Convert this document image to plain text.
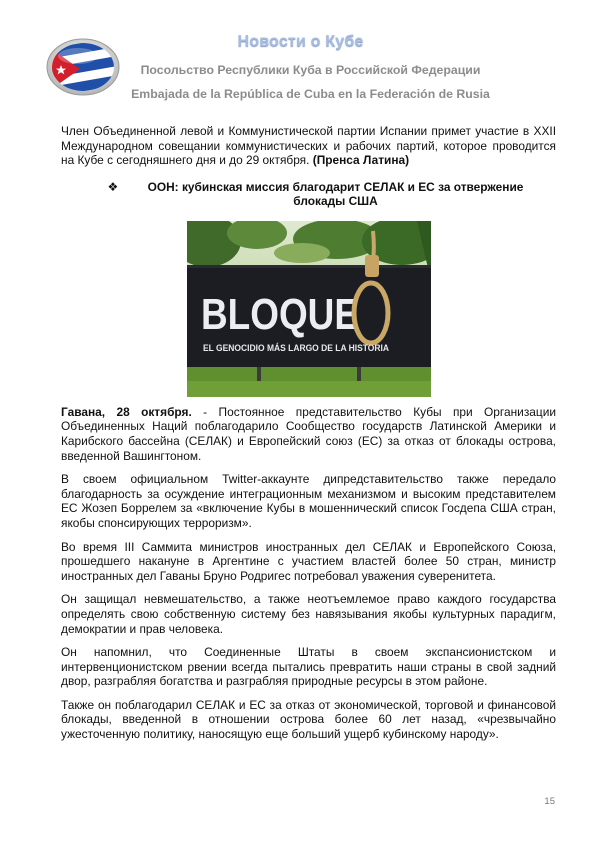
Новости о Кубе
Посольство Республики Куба в Российской Федерации
Embajada de la República de Cuba en la Federación de Rusia

Член Объединенной левой и Коммунистической партии Испании примет участие в XXII Международном совещании коммунистических и рабочих партий, которое проводится на Кубе с сегодняшнего дня и до 29 октября. (Пренса Латина)

❖	ООН: кубинская миссия благодарит СЕЛАК и ЕС за отвержение блокады США
BLOQUE
EL GENOCIDIO MÁS LARGO DE LA HISTORIA

Гавана, 28 октября. - Постоянное представительство Кубы при Организации Объединенных Наций поблагодарило Сообщество государств Латинской Америки и Карибского бассейна (СЕЛАК) и Европейский союз (ЕС) за отказ от блокады острова, введенной Вашингтоном.

В своем официальном Twitter-аккаунте дипредставительство также передало благодарность за осуждение интеграционным механизмом и высоким представителем ЕС Жозеп Боррелем за «включение Кубы в мошеннический список Госдепа США стран, якобы спонсирующих терроризм».

Во время III Саммита министров иностранных дел СЕЛАК и Европейского Союза, прошедшего накануне в Аргентине с участием властей более 50 стран, министр иностранных дел Гаваны Бруно Родригес потребовал уважения суверенитета.

Он защищал невмешательство, а также неотъемлемое право каждого государства определять свою собственную систему без навязывания якобы культурных парадигм, демократии и прав человека.

Он напомнил, что Соединенные Штаты в своем экспансионистском и интервенционистском рвении всегда пытались превратить наши страны в свой задний двор, разграбляя богатства и разграбляя природные ресурсы в этом районе.

Также он поблагодарил СЕЛАК и ЕС за отказ от экономической, торговой и финансовой блокады, введенной в отношении острова более 60 лет назад, «чрезвычайно ужесточенную политику, наносящую еще больший ущерб кубинскому народу».

15
